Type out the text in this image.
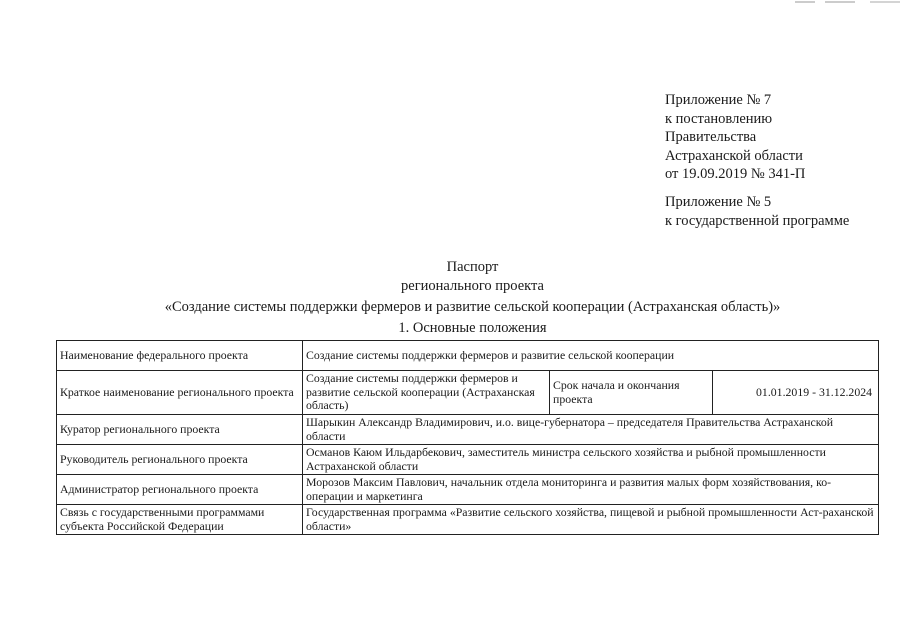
Приложение № 7
к постановлению
Правительства
Астраханской области
от 19.09.2019 № 341-П
Приложение № 5
к государственной программе
Паспорт
регионального проекта
«Создание системы поддержки фермеров и развитие сельской кооперации (Астраханская область)»
1. Основные положения
Наименование федерального проекта	Создание системы поддержки фермеров и развитие сельской кооперации		
Краткое наименование регионального проекта	Создание системы поддержки фермеров и развитие сельской кооперации (Астраханская область)	Срок начала и окончания проекта	01.01.2019 - 31.12.2024
Куратор регионального проекта	Шарыкин Александр Владимирович, и.о. вице-губернатора – председателя Правительства Астраханской области		
Руководитель регионального проекта	Османов Каюм Ильдарбекович, заместитель министра сельского хозяйства и рыбной промышленности Астраханской области		
Администратор регионального проекта	Морозов Максим Павлович, начальник отдела мониторинга и развития малых форм хозяйствования, ко-операции и маркетинга		
Связь с государственными программами субъекта Российской Федерации	Государственная программа «Развитие сельского хозяйства, пищевой и рыбной промышленности Аст-раханской области»		
